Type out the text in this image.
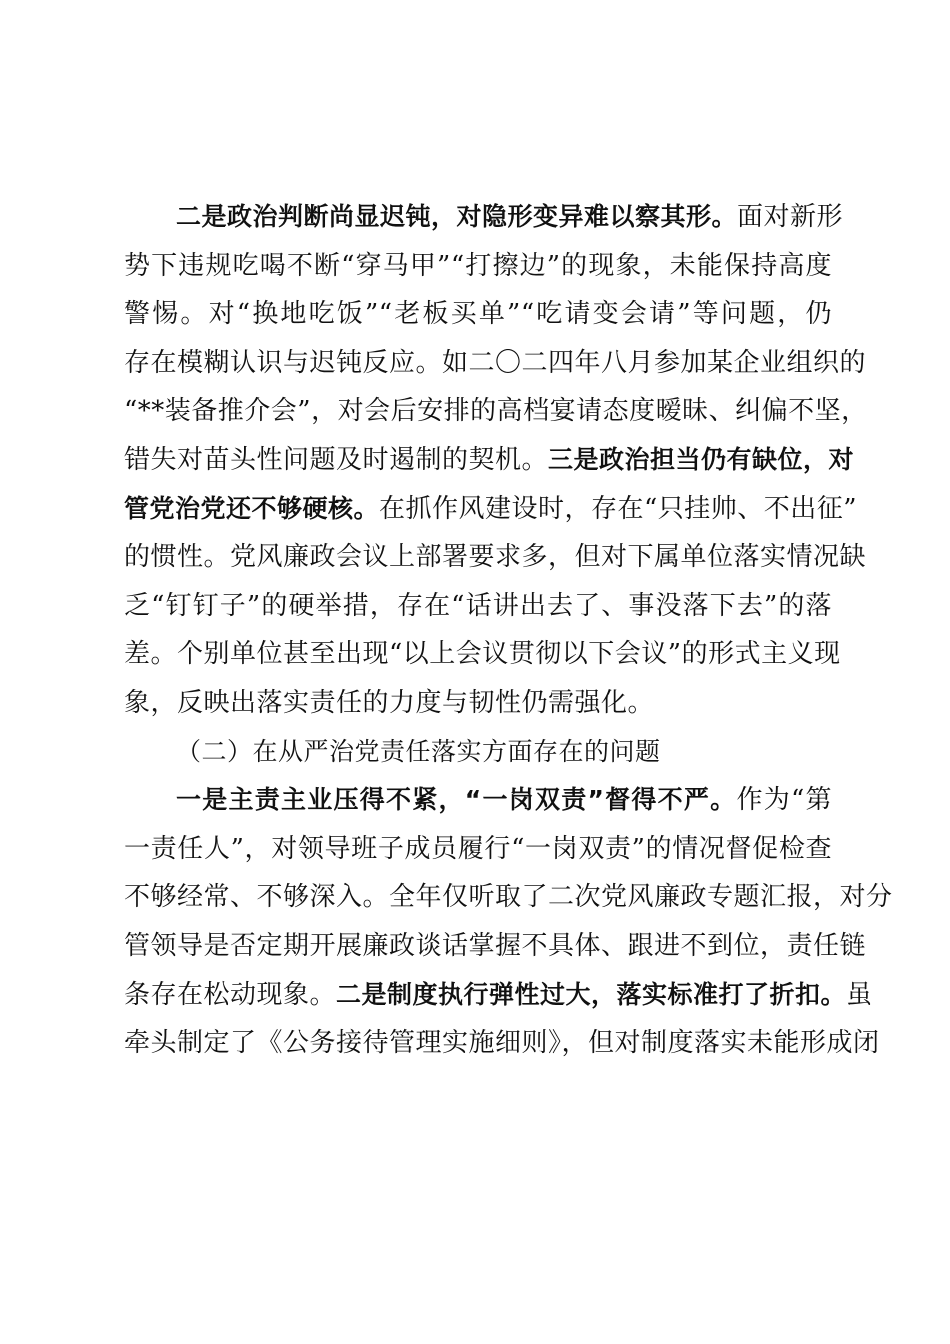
二是政治判断尚显迟钝，对隐形变异难以察其形。面对新形
势下违规吃喝不断“穿马甲”“打擦边”的现象，未能保持高度
警惕。对“换地吃饭”“老板买单”“吃请变会请”等问题，仍
存在模糊认识与迟钝反应。如二〇二四年八月参加某企业组织的
“**装备推介会”，对会后安排的高档宴请态度暧昧、纠偏不坚，
错失对苗头性问题及时遏制的契机。三是政治担当仍有缺位，对
管党治党还不够硬核。在抓作风建设时，存在“只挂帅、不出征”
的惯性。党风廉政会议上部署要求多，但对下属单位落实情况缺
乏“钉钉子”的硬举措，存在“话讲出去了、事没落下去”的落
差。个别单位甚至出现“以上会议贯彻以下会议”的形式主义现
象，反映出落实责任的力度与韧性仍需强化。
（二）在从严治党责任落实方面存在的问题
一是主责主业压得不紧，“一岗双责”督得不严。作为“第
一责任人”，对领导班子成员履行“一岗双责”的情况督促检查
不够经常、不够深入。全年仅听取了二次党风廉政专题汇报，对分
管领导是否定期开展廉政谈话掌握不具体、跟进不到位，责任链
条存在松动现象。二是制度执行弹性过大，落实标准打了折扣。虽
牵头制定了《公务接待管理实施细则》，但对制度落实未能形成闭
